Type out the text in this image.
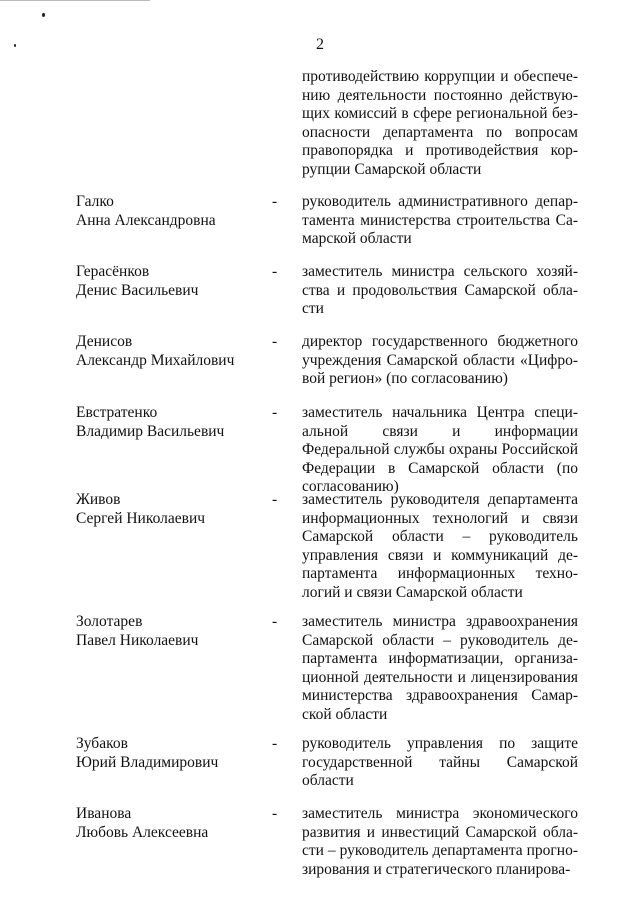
2
противодействию коррупции и обеспече- нию деятельности постоянно действую- щих комиссий в сфере региональной без- опасности департамента по вопросам правопорядка и противодействия кор- рупции Самарской области
Галко
Анна Александровна
- руководитель административного депар- тамента министерства строительства Са- марской области
Герасёнков
Денис Васильевич
- заместитель министра сельского хозяй- ства и продовольствия Самарской обла- сти
Денисов
Александр Михайлович
- директор государственного бюджетного учреждения Самарской области «Цифро- вой регион» (по согласованию)
Евстратенко
Владимир Васильевич
- заместитель начальника Центра специ- альной связи и информации Федеральной службы охраны Российской Федерации в Самарской области (по согласованию)
Живов
Сергей Николаевич
- заместитель руководителя департамента информационных технологий и связи Самарской области – руководитель управления связи и коммуникаций де- партамента информационных техно- логий и связи Самарской области
Золотарев
Павел Николаевич
- заместитель министра здравоохранения Самарской области – руководитель де- партамента информатизации, организа- ционной деятельности и лицензирования министерства здравоохранения Самар- ской области
Зубаков
Юрий Владимирович
- руководитель управления по защите государственной тайны Самарской области
Иванова
Любовь Алексеевна
- заместитель министра экономического развития и инвестиций Самарской обла- сти – руководитель департамента прогно- зирования и стратегического планирова-
